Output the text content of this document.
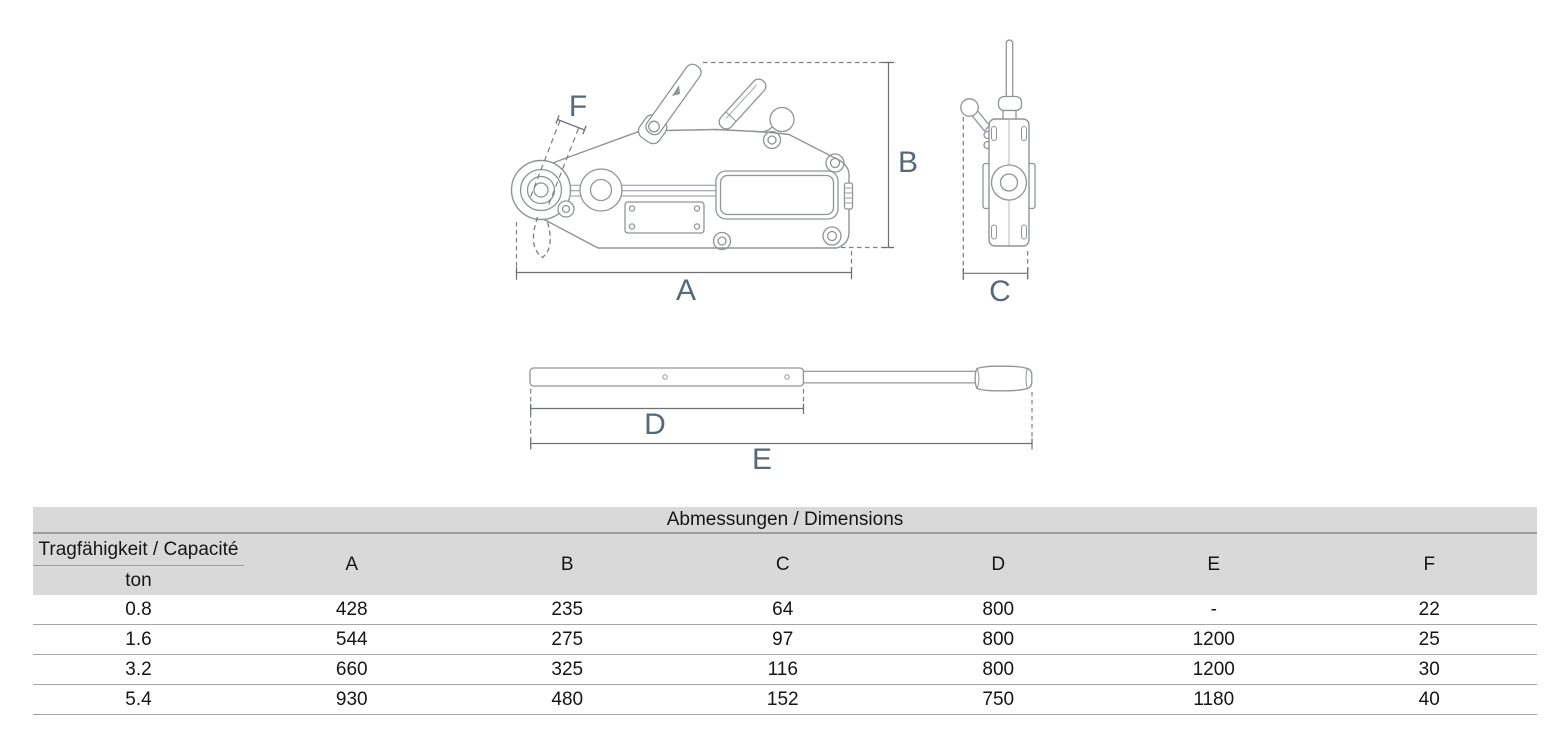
F
B
A	C
D
E
Abmessungen / Dimensions
Tragfähigkeit / Capacité
ton
A	B	C	D	E	F
0.8	428	235	64	800	-	22
1.6	544	275	97	800	1200	25
3.2	660	325	116	800	1200	30
5.4	930	480	152	750	1180	40
